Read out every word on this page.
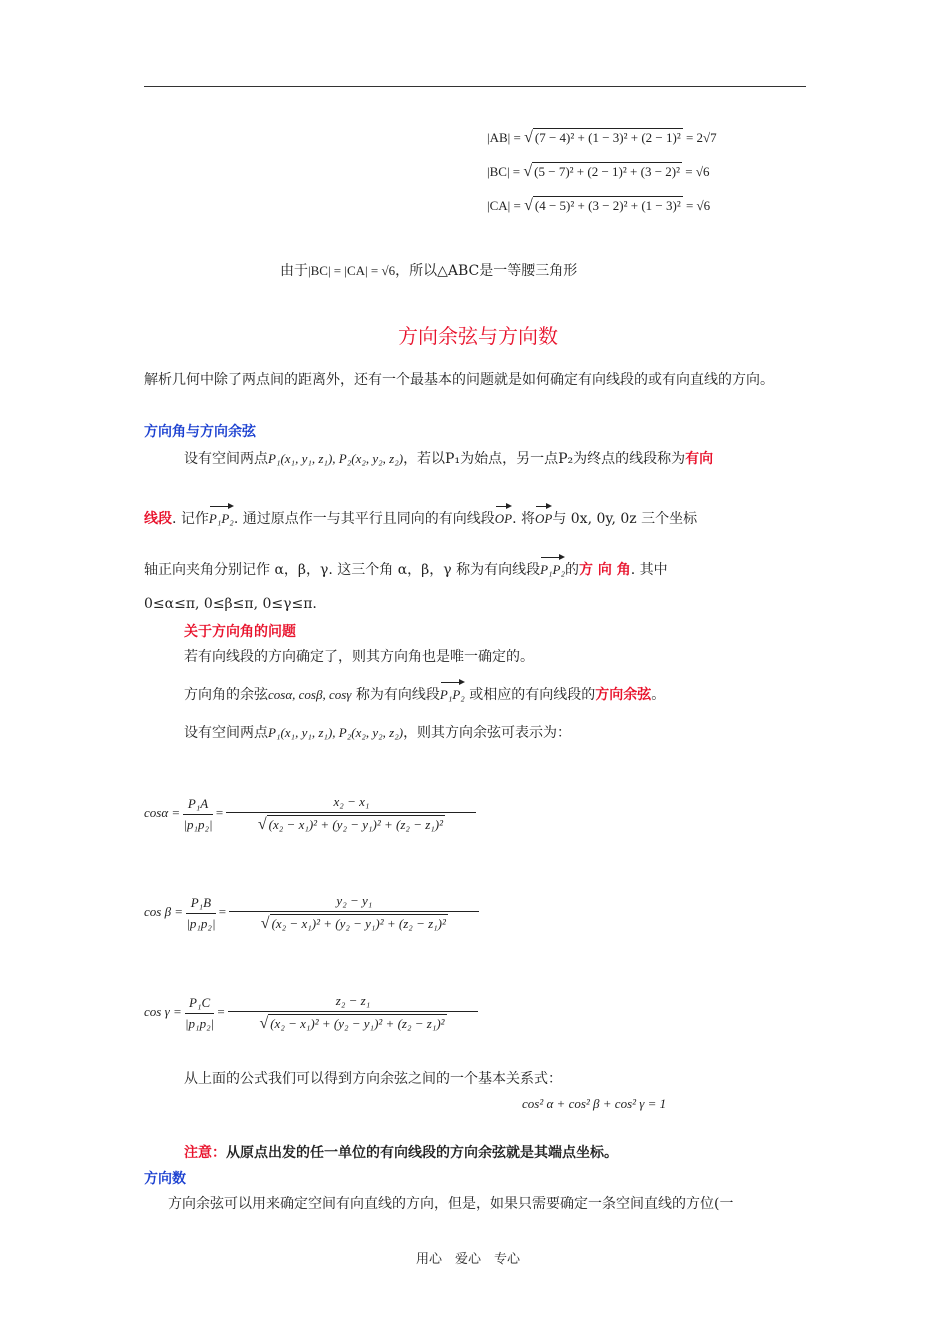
|AB| = √ (7 − 4)² + (1 − 3)² + (2 − 1)² = 2√7
|BC| = √ (5 − 7)² + (2 − 1)² + (3 − 2)² = √6
|CA| = √ (4 − 5)² + (3 − 2)² + (1 − 3)² = √6
由于|BC| = |CA| = √6，所以△ABC是一等腰三角形
方向余弦与方向数
解析几何中除了两点间的距离外，还有一个最基本的问题就是如何确定有向线段的或有向直线的方向。
方向角与方向余弦
设有空间两点P₁(x₁, y₁, z₁), P₂(x₂, y₂, z₂)，若以P₁为始点，另一点P₂为终点的线段称为有向
线段. 记作P₁P₂. 通过原点作一与其平行且同向的有向线段OP. 将OP与 0x, 0y, 0z 三个坐标
轴正向夹角分别记作 α，β，γ. 这三个角 α，β，γ 称为有向线段P₁P₂的方 向 角. 其中
0≤α≤π, 0≤β≤π, 0≤γ≤π.
关于方向角的问题
若有向线段的方向确定了，则其方向角也是唯一确定的。
方向角的余弦cosα, cosβ, cosγ 称为有向线段P₁P₂ 或相应的有向线段的方向余弦。
设有空间两点P₁(x₁, y₁, z₁), P₂(x₂, y₂, z₂)，则其方向余弦可表示为：
$\cos\alpha = \frac{\text{P₁A}}{\text{|p₁p₂|}} = \frac{\text{x₂ − x₁}}{\text{√ (x₂ − x₁)² + (y₂ − y₁)² + (z₂ − z₁)²}}$
$\cos \beta = \frac{\text{P₁B}}{\text{|p₁p₂|}} = \frac{\text{y₂ − y₁}}{\text{√ (x₂ − x₁)² + (y₂ − y₁)² + (z₂ − z₁)²}}$
$\cos \gamma = \frac{\text{P₁C}}{\text{|p₁p₂|}} = \frac{\text{z₂ − z₁}}{\text{√ (x₂ − x₁)² + (y₂ − y₁)² + (z₂ − z₁)²}}$
从上面的公式我们可以得到方向余弦之间的一个基本关系式：
cos² α + cos² β + cos² γ = 1
注意：从原点出发的任一单位的有向线段的方向余弦就是其端点坐标。
方向数
方向余弦可以用来确定空间有向直线的方向，但是，如果只需要确定一条空间直线的方位(一
用心　爱心　专心
